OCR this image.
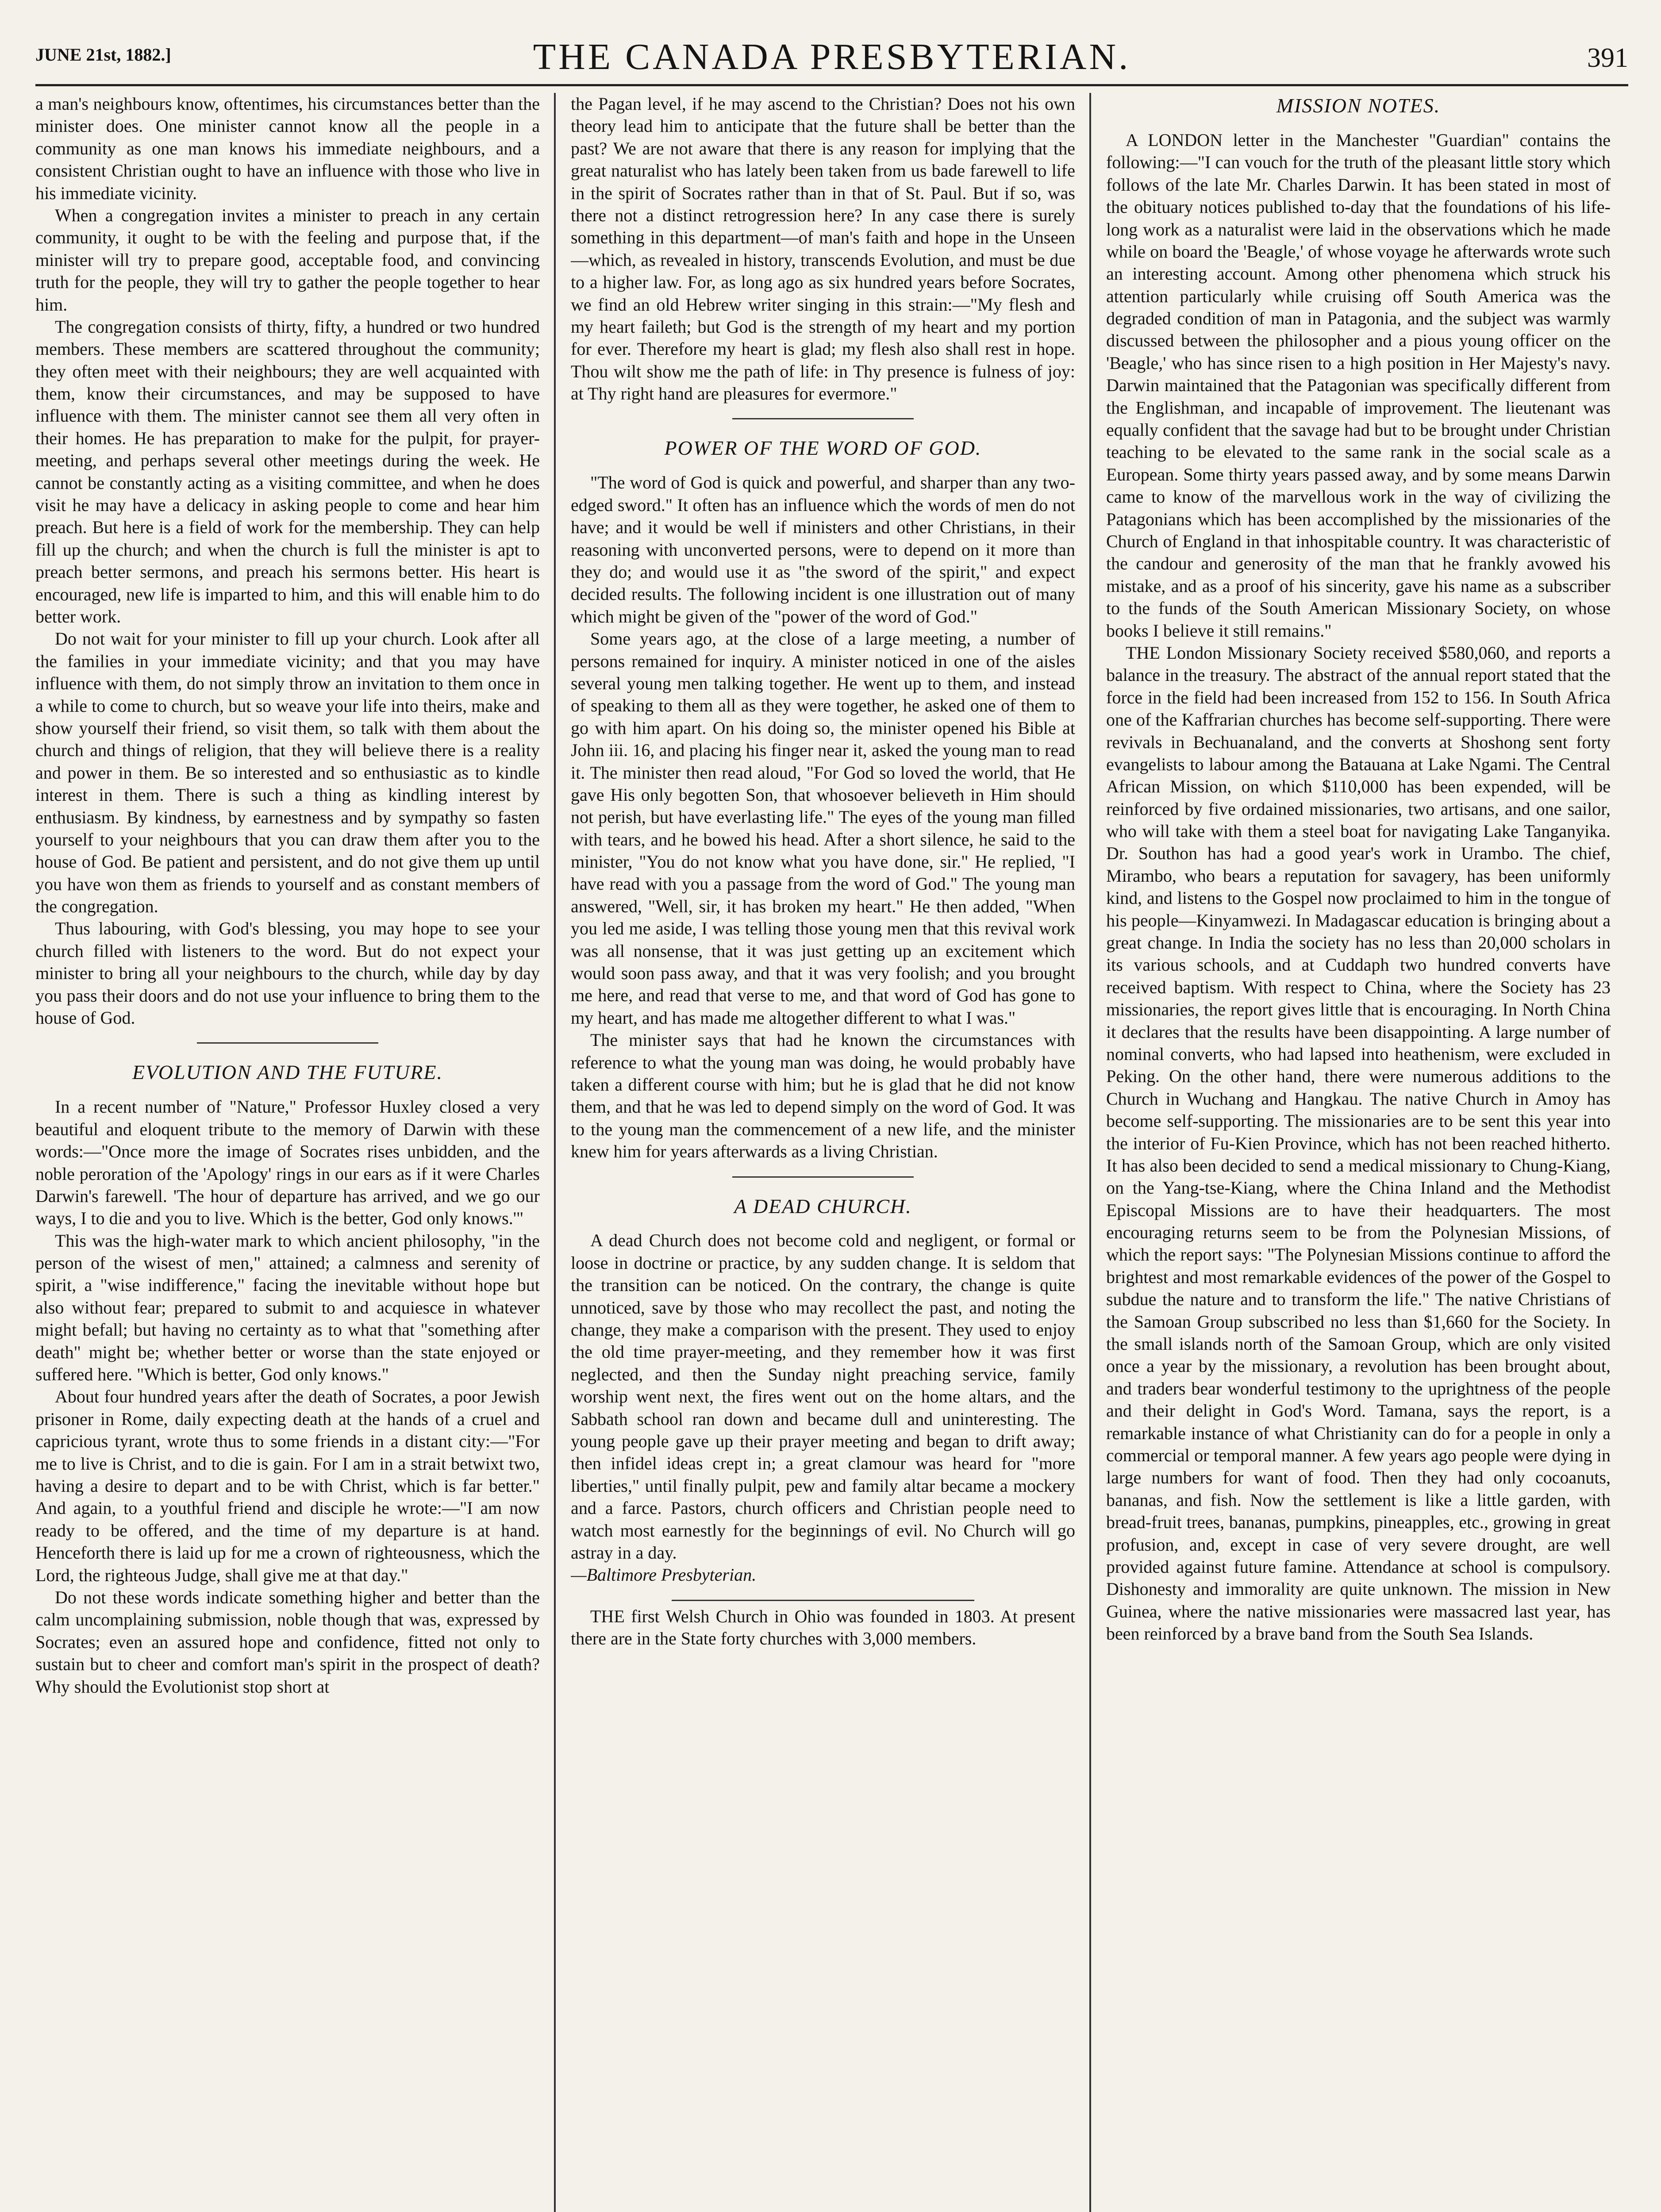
JUNE 21st, 1882.]	THE CANADA PRESBYTERIAN.	391

a man's neighbours know, oftentimes, his circumstances better than the minister does. One minister cannot know all the people in a community as one man knows his immediate neighbours, and a consistent Christian ought to have an influence with those who live in his immediate vicinity.

When a congregation invites a minister to preach in any certain community, it ought to be with the feeling and purpose that, if the minister will try to prepare good, acceptable food, and convincing truth for the people, they will try to gather the people together to hear him.

The congregation consists of thirty, fifty, a hundred or two hundred members. These members are scattered throughout the community; they often meet with their neighbours; they are well acquainted with them, know their circumstances, and may be supposed to have influence with them. The minister cannot see them all very often in their homes. He has preparation to make for the pulpit, for prayer-meeting, and perhaps several other meetings during the week. He cannot be constantly acting as a visiting committee, and when he does visit he may have a delicacy in asking people to come and hear him preach. But here is a field of work for the membership. They can help fill up the church; and when the church is full the minister is apt to preach better sermons, and preach his sermons better. His heart is encouraged, new life is imparted to him, and this will enable him to do better work.

Do not wait for your minister to fill up your church. Look after all the families in your immediate vicinity; and that you may have influence with them, do not simply throw an invitation to them once in a while to come to church, but so weave your life into theirs, make and show yourself their friend, so visit them, so talk with them about the church and things of religion, that they will believe there is a reality and power in them. Be so interested and so enthusiastic as to kindle interest in them. There is such a thing as kindling interest by enthusiasm. By kindness, by earnestness and by sympathy so fasten yourself to your neighbours that you can draw them after you to the house of God. Be patient and persistent, and do not give them up until you have won them as friends to yourself and as constant members of the congregation.

Thus labouring, with God's blessing, you may hope to see your church filled with listeners to the word. But do not expect your minister to bring all your neighbours to the church, while day by day you pass their doors and do not use your influence to bring them to the house of God.

EVOLUTION AND THE FUTURE.

In a recent number of "Nature," Professor Huxley closed a very beautiful and eloquent tribute to the memory of Darwin with these words:—"Once more the image of Socrates rises unbidden, and the noble peroration of the 'Apology' rings in our ears as if it were Charles Darwin's farewell. 'The hour of departure has arrived, and we go our ways, I to die and you to live. Which is the better, God only knows.'"

This was the high-water mark to which ancient philosophy, "in the person of the wisest of men," attained; a calmness and serenity of spirit, a "wise indifference," facing the inevitable without hope but also without fear; prepared to submit to and acquiesce in whatever might befall; but having no certainty as to what that "something after death" might be; whether better or worse than the state enjoyed or suffered here. "Which is better, God only knows."

About four hundred years after the death of Socrates, a poor Jewish prisoner in Rome, daily expecting death at the hands of a cruel and capricious tyrant, wrote thus to some friends in a distant city:—"For me to live is Christ, and to die is gain. For I am in a strait betwixt two, having a desire to depart and to be with Christ, which is far better." And again, to a youthful friend and disciple he wrote:—"I am now ready to be offered, and the time of my departure is at hand. Henceforth there is laid up for me a crown of righteousness, which the Lord, the righteous Judge, shall give me at that day."

Do not these words indicate something higher and better than the calm uncomplaining submission, noble though that was, expressed by Socrates; even an assured hope and confidence, fitted not only to sustain but to cheer and comfort man's spirit in the prospect of death? Why should the Evolutionist stop short at

the Pagan level, if he may ascend to the Christian? Does not his own theory lead him to anticipate that the future shall be better than the past? We are not aware that there is any reason for implying that the great naturalist who has lately been taken from us bade farewell to life in the spirit of Socrates rather than in that of St. Paul. But if so, was there not a distinct retrogression here? In any case there is surely something in this department—of man's faith and hope in the Unseen—which, as revealed in history, transcends Evolution, and must be due to a higher law. For, as long ago as six hundred years before Socrates, we find an old Hebrew writer singing in this strain:—"My flesh and my heart faileth; but God is the strength of my heart and my portion for ever. Therefore my heart is glad; my flesh also shall rest in hope. Thou wilt show me the path of life: in Thy presence is fulness of joy: at Thy right hand are pleasures for evermore."

POWER OF THE WORD OF GOD.

"The word of God is quick and powerful, and sharper than any two-edged sword." It often has an influence which the words of men do not have; and it would be well if ministers and other Christians, in their reasoning with unconverted persons, were to depend on it more than they do; and would use it as "the sword of the spirit," and expect decided results. The following incident is one illustration out of many which might be given of the "power of the word of God."

Some years ago, at the close of a large meeting, a number of persons remained for inquiry. A minister noticed in one of the aisles several young men talking together. He went up to them, and instead of speaking to them all as they were together, he asked one of them to go with him apart. On his doing so, the minister opened his Bible at John iii. 16, and placing his finger near it, asked the young man to read it. The minister then read aloud, "For God so loved the world, that He gave His only begotten Son, that whosoever believeth in Him should not perish, but have everlasting life." The eyes of the young man filled with tears, and he bowed his head. After a short silence, he said to the minister, "You do not know what you have done, sir." He replied, "I have read with you a passage from the word of God." The young man answered, "Well, sir, it has broken my heart." He then added, "When you led me aside, I was telling those young men that this revival work was all nonsense, that it was just getting up an excitement which would soon pass away, and that it was very foolish; and you brought me here, and read that verse to me, and that word of God has gone to my heart, and has made me altogether different to what I was."

The minister says that had he known the circumstances with reference to what the young man was doing, he would probably have taken a different course with him; but he is glad that he did not know them, and that he was led to depend simply on the word of God. It was to the young man the commencement of a new life, and the minister knew him for years afterwards as a living Christian.

A DEAD CHURCH.

A dead Church does not become cold and negligent, or formal or loose in doctrine or practice, by any sudden change. It is seldom that the transition can be noticed. On the contrary, the change is quite unnoticed, save by those who may recollect the past, and noting the change, they make a comparison with the present. They used to enjoy the old time prayer-meeting, and they remember how it was first neglected, and then the Sunday night preaching service, family worship went next, the fires went out on the home altars, and the Sabbath school ran down and became dull and uninteresting. The young people gave up their prayer meeting and began to drift away; then infidel ideas crept in; a great clamour was heard for "more liberties," until finally pulpit, pew and family altar became a mockery and a farce. Pastors, church officers and Christian people need to watch most earnestly for the beginnings of evil. No Church will go astray in a day.

—Baltimore Presbyterian.

THE first Welsh Church in Ohio was founded in 1803. At present there are in the State forty churches with 3,000 members.

MISSION NOTES.

A LONDON letter in the Manchester "Guardian" contains the following:—"I can vouch for the truth of the pleasant little story which follows of the late Mr. Charles Darwin. It has been stated in most of the obituary notices published to-day that the foundations of his life-long work as a naturalist were laid in the observations which he made while on board the 'Beagle,' of whose voyage he afterwards wrote such an interesting account. Among other phenomena which struck his attention particularly while cruising off South America was the degraded condition of man in Patagonia, and the subject was warmly discussed between the philosopher and a pious young officer on the 'Beagle,' who has since risen to a high position in Her Majesty's navy. Darwin maintained that the Patagonian was specifically different from the Englishman, and incapable of improvement. The lieutenant was equally confident that the savage had but to be brought under Christian teaching to be elevated to the same rank in the social scale as a European. Some thirty years passed away, and by some means Darwin came to know of the marvellous work in the way of civilizing the Patagonians which has been accomplished by the missionaries of the Church of England in that inhospitable country. It was characteristic of the candour and generosity of the man that he frankly avowed his mistake, and as a proof of his sincerity, gave his name as a subscriber to the funds of the South American Missionary Society, on whose books I believe it still remains."

THE London Missionary Society received $580,060, and reports a balance in the treasury. The abstract of the annual report stated that the force in the field had been increased from 152 to 156. In South Africa one of the Kaffrarian churches has become self-supporting. There were revivals in Bechuanaland, and the converts at Shoshong sent forty evangelists to labour among the Batauana at Lake Ngami. The Central African Mission, on which $110,000 has been expended, will be reinforced by five ordained missionaries, two artisans, and one sailor, who will take with them a steel boat for navigating Lake Tanganyika. Dr. Southon has had a good year's work in Urambo. The chief, Mirambo, who bears a reputation for savagery, has been uniformly kind, and listens to the Gospel now proclaimed to him in the tongue of his people—Kinyamwezi. In Madagascar education is bringing about a great change. In India the society has no less than 20,000 scholars in its various schools, and at Cuddaph two hundred converts have received baptism. With respect to China, where the Society has 23 missionaries, the report gives little that is encouraging. In North China it declares that the results have been disappointing. A large number of nominal converts, who had lapsed into heathenism, were excluded in Peking. On the other hand, there were numerous additions to the Church in Wuchang and Hangkau. The native Church in Amoy has become self-supporting. The missionaries are to be sent this year into the interior of Fu-Kien Province, which has not been reached hitherto. It has also been decided to send a medical missionary to Chung-Kiang, on the Yang-tse-Kiang, where the China Inland and the Methodist Episcopal Missions are to have their headquarters. The most encouraging returns seem to be from the Polynesian Missions, of which the report says: "The Polynesian Missions continue to afford the brightest and most remarkable evidences of the power of the Gospel to subdue the nature and to transform the life." The native Christians of the Samoan Group subscribed no less than $1,660 for the Society. In the small islands north of the Samoan Group, which are only visited once a year by the missionary, a revolution has been brought about, and traders bear wonderful testimony to the uprightness of the people and their delight in God's Word. Tamana, says the report, is a remarkable instance of what Christianity can do for a people in only a commercial or temporal manner. A few years ago people were dying in large numbers for want of food. Then they had only cocoanuts, bananas, and fish. Now the settlement is like a little garden, with bread-fruit trees, bananas, pumpkins, pineapples, etc., growing in great profusion, and, except in case of very severe drought, are well provided against future famine. Attendance at school is compulsory. Dishonesty and immorality are quite unknown. The mission in New Guinea, where the native missionaries were massacred last year, has been reinforced by a brave band from the South Sea Islands.
